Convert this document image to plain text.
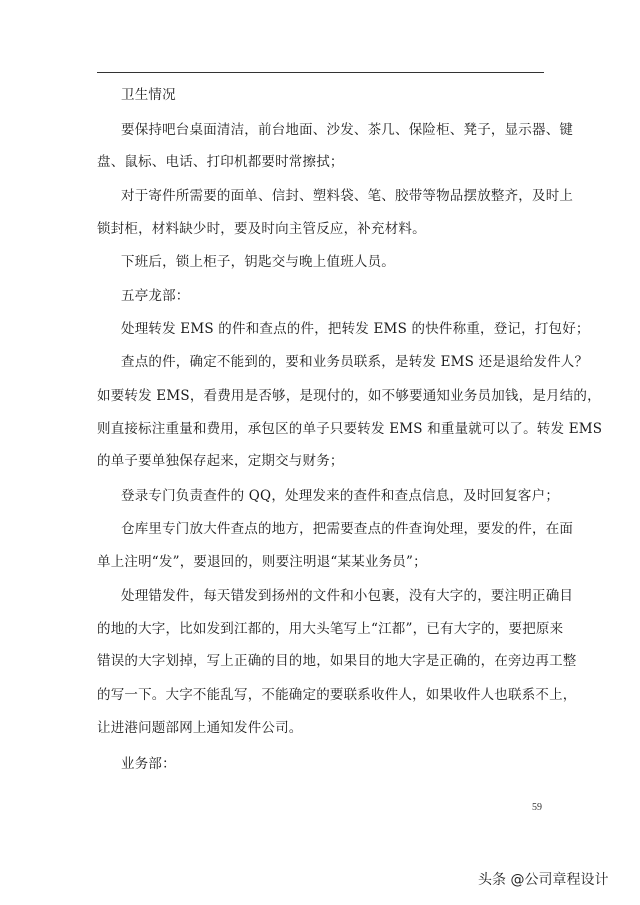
卫生情况
要保持吧台桌面清洁，前台地面、沙发、茶几、保险柜、凳子，显示器、键
盘、鼠标、电话、打印机都要时常擦拭；
对于寄件所需要的面单、信封、塑料袋、笔、胶带等物品摆放整齐，及时上
锁封柜，材料缺少时，要及时向主管反应，补充材料。
下班后，锁上柜子，钥匙交与晚上值班人员。
五亭龙部：
处理转发 EMS 的件和查点的件，把转发 EMS 的快件称重，登记，打包好；
查点的件，确定不能到的，要和业务员联系，是转发 EMS 还是退给发件人？
如要转发 EMS，看费用是否够，是现付的，如不够要通知业务员加钱，是月结的，
则直接标注重量和费用，承包区的单子只要转发 EMS 和重量就可以了。转发 EMS
的单子要单独保存起来，定期交与财务；
登录专门负责查件的 QQ，处理发来的查件和查点信息，及时回复客户；
仓库里专门放大件查点的地方，把需要查点的件查询处理，要发的件，在面
单上注明“发”，要退回的，则要注明退“某某业务员”；
处理错发件，每天错发到扬州的文件和小包裹，没有大字的，要注明正确目
的地的大字，比如发到江都的，用大头笔写上“江都”，已有大字的，要把原来
错误的大字划掉，写上正确的目的地，如果目的地大字是正确的，在旁边再工整
的写一下。大字不能乱写，不能确定的要联系收件人，如果收件人也联系不上，
让进港问题部网上通知发件公司。
业务部：
59
头条 @公司章程设计
